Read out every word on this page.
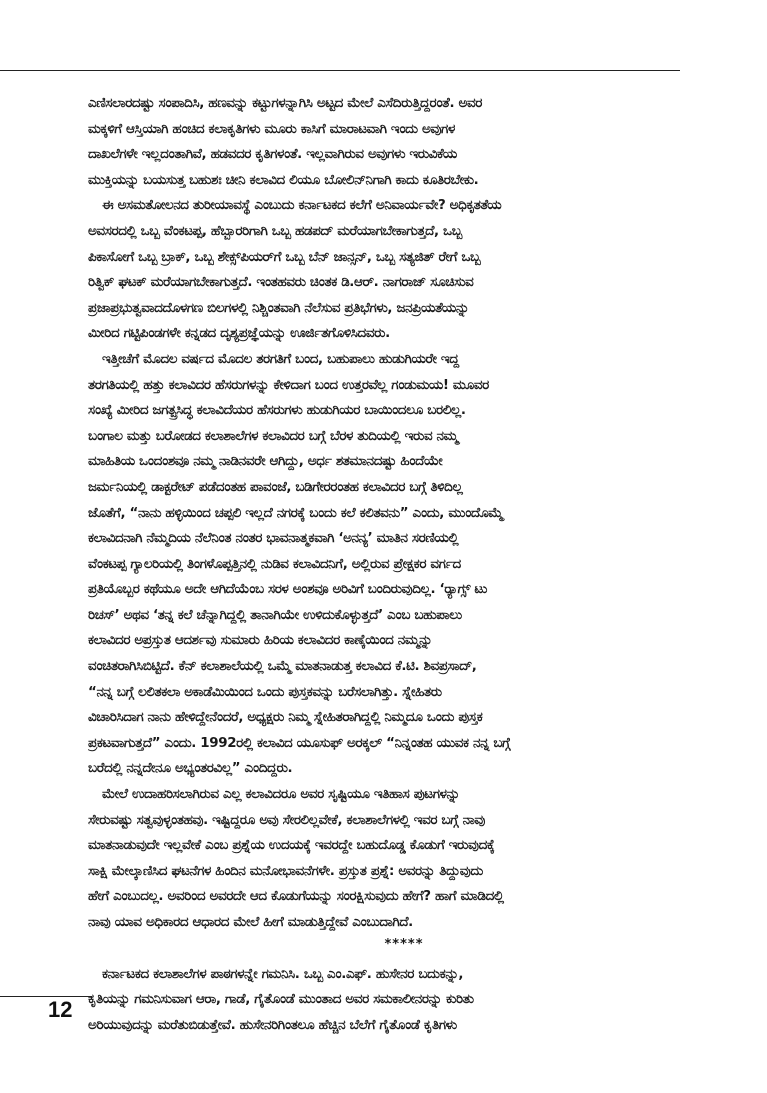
ಎಣಿಸಲಾರದಷ್ಟು ಸಂಪಾದಿಸಿ, ಹಣವನ್ನು ಕಟ್ಟುಗಳನ್ನಾಗಿಸಿ ಅಟ್ಟದ ಮೇಲೆ ಎಸೆದಿರುತ್ತಿದ್ದರಂತೆ. ಅವರ
ಮಕ್ಕಳಿಗೆ ಆಸ್ತಿಯಾಗಿ ಹಂಚಿದ ಕಲಾಕೃತಿಗಳು ಮೂರು ಕಾಸಿಗೆ ಮಾರಾಟವಾಗಿ ಇಂದು ಅವುಗಳ
ದಾಖಲೆಗಳೇ ಇಲ್ಲದಂತಾಗಿವೆ, ಹಡವದರ ಕೃತಿಗಳಂತೆ. ಇಲ್ಲವಾಗಿರುವ ಅವುಗಳು ಇರುವಿಕೆಯ
ಮುಕ್ತಿಯನ್ನು ಬಯಸುತ್ತ ಬಹುಶಃ ಚೀನಿ ಕಲಾವಿದ ಲಿಯೂ ಬೋಲಿನ್‌ನಿಗಾಗಿ ಕಾದು ಕೂತಿರಬೇಕು.
ಈ ಅಸಮತೋಲನದ ತುರೀಯಾವಸ್ಥೆ ಎಂಬುದು ಕರ್ನಾಟಕದ ಕಲೆಗೆ ಅನಿವಾರ್ಯವೇ? ಅಧಿಕೃತತೆಯ
ಅವಸರದಲ್ಲಿ ಒಬ್ಬ ವೆಂಕಟಪ್ಪ, ಹೆಬ್ಬಾರರಿಗಾಗಿ ಒಬ್ಬ ಹಡಪದ್ ಮರೆಯಾಗಬೇಕಾಗುತ್ತದೆ, ಒಬ್ಬ
ಪಿಕಾಸೋಗೆ ಒಬ್ಬ ಬ್ರಾಕ್, ಒಬ್ಬ ಶೇಕ್ಸ್‌ಪಿಯರ್‌ಗೆ ಒಬ್ಬ ಬೆನ್ ಜಾನ್ಸನ್, ಒಬ್ಬ ಸತ್ಯಜಿತ್ ರೇಗೆ ಒಬ್ಬ
ರಿತ್ವಿಕ್ ಘಟಕ್ ಮರೆಯಾಗಬೇಕಾಗುತ್ತದೆ. ಇಂತಹವರು ಚಿಂತಕ ಡಿ.ಆರ್. ನಾಗರಾಜ್ ಸೂಚಿಸುವ
ಪ್ರಜಾಪ್ರಭುತ್ವವಾದದೊಳಗಣ ಬಿಲಗಳಲ್ಲಿ ನಿಶ್ಚಿಂತವಾಗಿ ನೆಲೆಸುವ ಪ್ರತಿಭೆಗಳು, ಜನಪ್ರಿಯತೆಯನ್ನು
ಮೀರಿದ ಗಟ್ಟಿಪಿಂಡಗಳೇ ಕನ್ನಡದ ದೃಶ್ಯಪ್ರಜ್ಞೆಯನ್ನು ಊರ್ಜಿತಗೊಳಿಸಿದವರು.
ಇತ್ತೀಚೆಗೆ ಮೊದಲ ವರ್ಷದ ಮೊದಲ ತರಗತಿಗೆ ಬಂದ, ಬಹುಪಾಲು ಹುಡುಗಿಯರೇ ಇದ್ದ
ತರಗತಿಯಲ್ಲಿ ಹತ್ತು ಕಲಾವಿದರ ಹೆಸರುಗಳನ್ನು ಕೇಳಿದಾಗ ಬಂದ ಉತ್ತರವೆಲ್ಲ ಗಂಡುಮಯ! ಮೂವರ
ಸಂಖ್ಯೆ ಮೀರಿದ ಜಗತ್ಪ್ರಸಿದ್ಧ ಕಲಾವಿದೆಯರ ಹೆಸರುಗಳು ಹುಡುಗಿಯರ ಬಾಯಿಂದಲೂ ಬರಲಿಲ್ಲ.
ಬಂಗಾಲ ಮತ್ತು ಬರೋಡದ ಕಲಾಶಾಲೆಗಳ ಕಲಾವಿದರ ಬಗ್ಗೆ ಬೆರಳ ತುದಿಯಲ್ಲಿ ಇರುವ ನಮ್ಮ
ಮಾಹಿತಿಯ ಒಂದಂಶವೂ ನಮ್ಮ ನಾಡಿನವರೇ ಆಗಿದ್ದು, ಅರ್ಧ ಶತಮಾನದಷ್ಟು ಹಿಂದೆಯೇ
ಜರ್ಮನಿಯಲ್ಲಿ ಡಾಕ್ಟರೇಟ್ ಪಡೆದಂತಹ ಪಾವಂಜೆ, ಬಡಿಗೇರರಂತಹ ಕಲಾವಿದರ ಬಗ್ಗೆ ತಿಳಿದಿಲ್ಲ
ಜೊತೆಗೆ, “ನಾನು ಹಳ್ಳಿಯಿಂದ ಚಪ್ಪಲಿ ಇಲ್ಲದೆ ನಗರಕ್ಕೆ ಬಂದು ಕಲೆ ಕಲಿತವನು” ಎಂದು, ಮುಂದೊಮ್ಮೆ
ಕಲಾವಿದನಾಗಿ ನೆಮ್ಮದಿಯ ನೆಲೆನಿಂತ ನಂತರ ಭಾವನಾತ್ಮಕವಾಗಿ ‘ಅನನ್ಯ’ ಮಾತಿನ ಸರಣಿಯಲ್ಲಿ
ವೆಂಕಟಪ್ಪ ಗ್ಯಾಲರಿಯಲ್ಲಿ ತಿಂಗಳೊಪ್ಪತ್ತಿನಲ್ಲಿ ನುಡಿವ ಕಲಾವಿದನಿಗೆ, ಅಲ್ಲಿರುವ ಪ್ರೇಕ್ಷಕರ ವರ್ಗದ
ಪ್ರತಿಯೊಬ್ಬರ ಕಥೆಯೂ ಅದೇ ಆಗಿದೆಯೆಂಬ ಸರಳ ಅಂಶವೂ ಅರಿವಿಗೆ ಬಂದಿರುವುದಿಲ್ಲ. ‘ರ್‍ಯಾಗ್ಸ್ ಟು
ರಿಚಸ್’ ಅಥವ ‘ತನ್ನ ಕಲೆ ಚೆನ್ನಾಗಿದ್ದಲ್ಲಿ ತಾನಾಗಿಯೇ ಉಳಿದುಕೊಳ್ಳುತ್ತದೆ’ ಎಂಬ ಬಹುಪಾಲು
ಕಲಾವಿದರ ಅಪ್ರಸ್ತುತ ಆದರ್ಶವು ಸುಮಾರು ಹಿರಿಯ ಕಲಾವಿದರ ಕಾಣ್ಕೆಯಿಂದ ನಮ್ಮನ್ನು
ವಂಚಿತರಾಗಿಸಿಬಿಟ್ಟಿದೆ. ಕೆನ್ ಕಲಾಶಾಲೆಯಲ್ಲಿ ಒಮ್ಮೆ ಮಾತನಾಡುತ್ತ ಕಲಾವಿದ ಕೆ.ಟಿ. ಶಿವಪ್ರಸಾದ್,
“ನನ್ನ ಬಗ್ಗೆ ಲಲಿತಕಲಾ ಅಕಾಡೆಮಿಯಿಂದ ಒಂದು ಪುಸ್ತಕವನ್ನು ಬರೆಸಲಾಗಿತ್ತು. ಸ್ನೇಹಿತರು
ವಿಚಾರಿಸಿದಾಗ ನಾನು ಹೇಳಿದ್ದೇನೆಂದರೆ, ಅಧ್ಯಕ್ಷರು ನಿಮ್ಮ ಸ್ನೇಹಿತರಾಗಿದ್ದಲ್ಲಿ ನಿಮ್ಮದೂ ಒಂದು ಪುಸ್ತಕ
ಪ್ರಕಟವಾಗುತ್ತದೆ” ಎಂದು. 1992ರಲ್ಲಿ ಕಲಾವಿದ ಯೂಸುಫ್ ಅರಕ್ಕಲ್ “ನಿನ್ನಂತಹ ಯುವಕ ನನ್ನ ಬಗ್ಗೆ
ಬರೆದಲ್ಲಿ ನನ್ನದೇನೂ ಅಭ್ಯಂತರವಿಲ್ಲ” ಎಂದಿದ್ದರು.
ಮೇಲೆ ಉದಾಹರಿಸಲಾಗಿರುವ ಎಲ್ಲ ಕಲಾವಿದರೂ ಅವರ ಸೃಷ್ಟಿಯೂ ಇತಿಹಾಸ ಪುಟಗಳನ್ನು
ಸೇರುವಷ್ಟು ಸತ್ವವುಳ್ಳಂತಹವು. ಇಷ್ಟಿದ್ದರೂ ಅವು ಸೇರಲಿಲ್ಲವೇಕೆ, ಕಲಾಶಾಲೆಗಳಲ್ಲಿ ಇವರ ಬಗ್ಗೆ ನಾವು
ಮಾತನಾಡುವುದೇ ಇಲ್ಲವೇಕೆ ಎಂಬ ಪ್ರಶ್ನೆಯ ಉದಯಕ್ಕೆ ಇವರದ್ದೇ ಬಹುದೊಡ್ಡ ಕೊಡುಗೆ ಇರುವುದಕ್ಕೆ
ಸಾಕ್ಷಿ ಮೇಲ್ಕಾಣಿಸಿದ ಘಟನೆಗಳ ಹಿಂದಿನ ಮನೋಭಾವನೆಗಳೇ. ಪ್ರಸ್ತುತ ಪ್ರಶ್ನೆ: ಅವರನ್ನು ತಿದ್ದುವುದು
ಹೇಗೆ ಎಂಬುದಲ್ಲ. ಅವರಿಂದ ಅವರದೇ ಆದ ಕೊಡುಗೆಯನ್ನು ಸಂರಕ್ಷಿಸುವುದು ಹೇಗೆ? ಹಾಗೆ ಮಾಡಿದಲ್ಲಿ
ನಾವು ಯಾವ ಅಧಿಕಾರದ ಆಧಾರದ ಮೇಲೆ ಹೀಗೆ ಮಾಡುತ್ತಿದ್ದೇವೆ ಎಂಬುದಾಗಿದೆ.
*****
ಕರ್ನಾಟಕದ ಕಲಾಶಾಲೆಗಳ ಪಾಠಗಳನ್ನೇ ಗಮನಿಸಿ. ಒಬ್ಬ ಎಂ.ಎಫ್. ಹುಸೇನರ ಬದುಕನ್ನು,
ಕೃತಿಯನ್ನು ಗಮನಿಸುವಾಗ ಆರಾ, ಗಾಡೆ, ಗೈತೊಂಡೆ ಮುಂತಾದ ಅವರ ಸಮಕಾಲೀನರನ್ನು ಕುರಿತು
ಅರಿಯುವುದನ್ನು ಮರೆತುಬಿಡುತ್ತೇವೆ. ಹುಸೇನರಿಗಿಂತಲೂ ಹೆಚ್ಚಿನ ಬೆಲೆಗೆ ಗೈತೊಂಡೆ ಕೃತಿಗಳು
12
